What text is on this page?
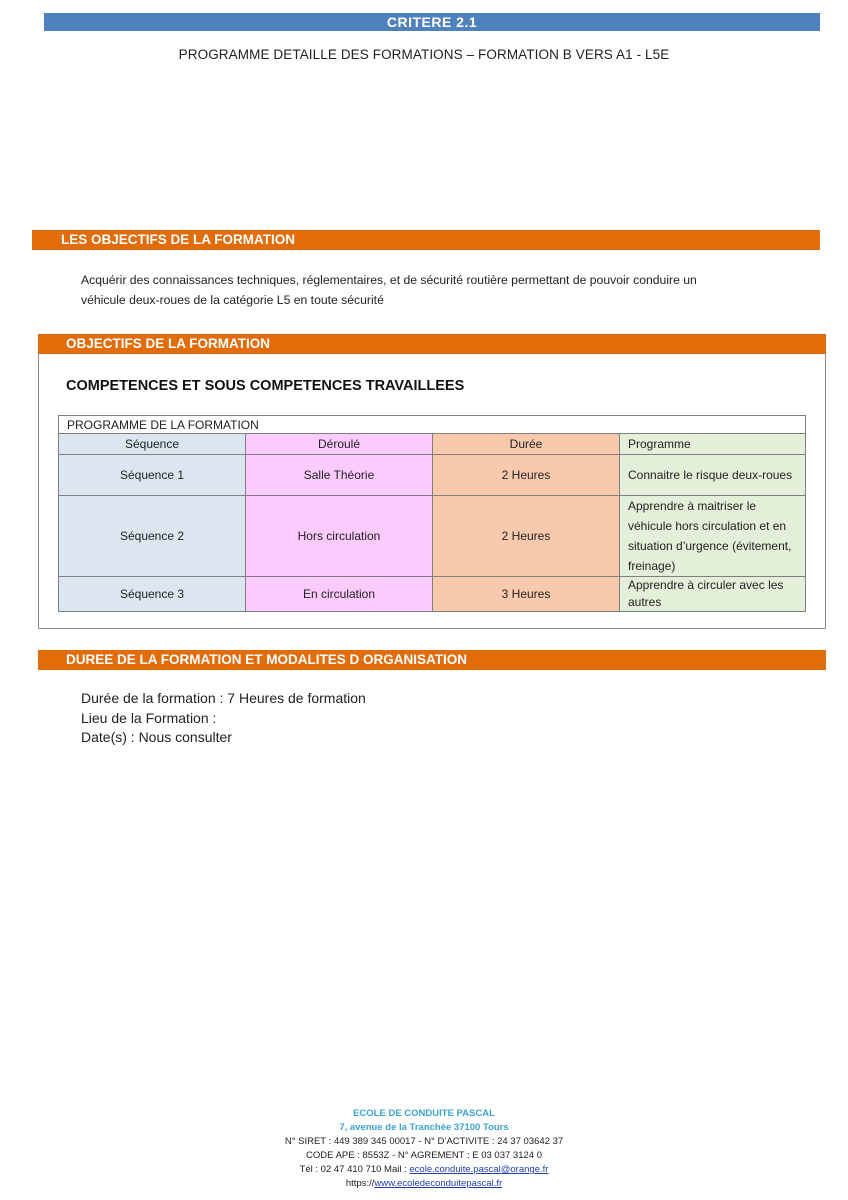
CRITERE 2.1
PROGRAMME DETAILLE DES FORMATIONS – FORMATION B VERS A1 - L5E
LES OBJECTIFS DE LA FORMATION
Acquérir des connaissances techniques, réglementaires, et de sécurité routière permettant de pouvoir conduire un
véhicule deux-roues de la catégorie L5 en toute sécurité
OBJECTIFS DE LA FORMATION
COMPETENCES ET SOUS COMPETENCES TRAVAILLEES
PROGRAMME DE LA FORMATION			
Séquence	Déroulé	Durée	Programme
Séquence 1	Salle Théorie	2 Heures	Connaitre le risque deux-roues
Séquence 2	Hors circulation	2 Heures	Apprendre à maitriser le véhicule hors circulation et en situation d’urgence (évitement, freinage)
Séquence 3	En circulation	3 Heures	Apprendre à circuler avec les autres
DUREE DE LA FORMATION ET MODALITES D ORGANISATION
Durée de la formation : 7 Heures de formation
Lieu de la Formation :
Date(s) : Nous consulter
ECOLE DE CONDUITE PASCAL
7, avenue de la Tranchée 37100 Tours
N° SIRET : 449 389 345 00017 - N° D’ACTIVITE : 24 37 03642 37
CODE APE : 8553Z - N° AGREMENT : E 03 037 3124 0
Tél : 02 47 410 710 Mail : ecole.conduite.pascal@orange.fr
https://www.ecoledeconduitepascal.fr
